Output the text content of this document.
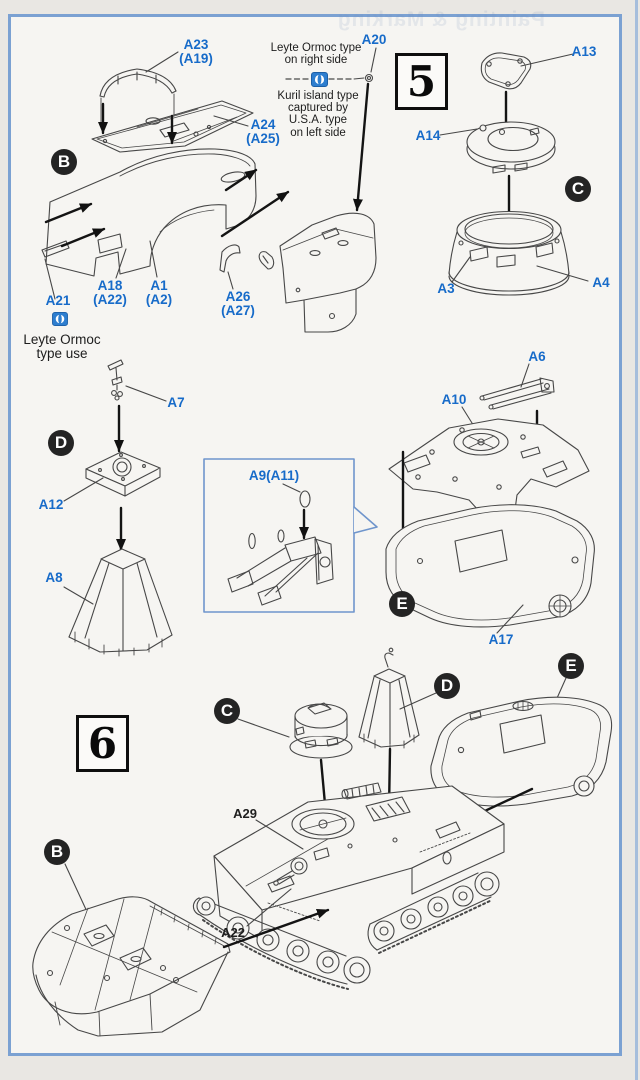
Painting & Marking
5
6
B
C
D
E
C
D
E
B
A23
(A19)
A24
(A25)
A18
(A22)
A1
(A2)	A26
(A27)
A21
A20
A13
A14
A3	A4
A7
A12
A8
A9(A11)
A6
A10
A17
A29
A22
Leyte Ormoc type
on right side
Kuril island type
captured by
U.S.A. type
on left side
Leyte Ormoc
type use
